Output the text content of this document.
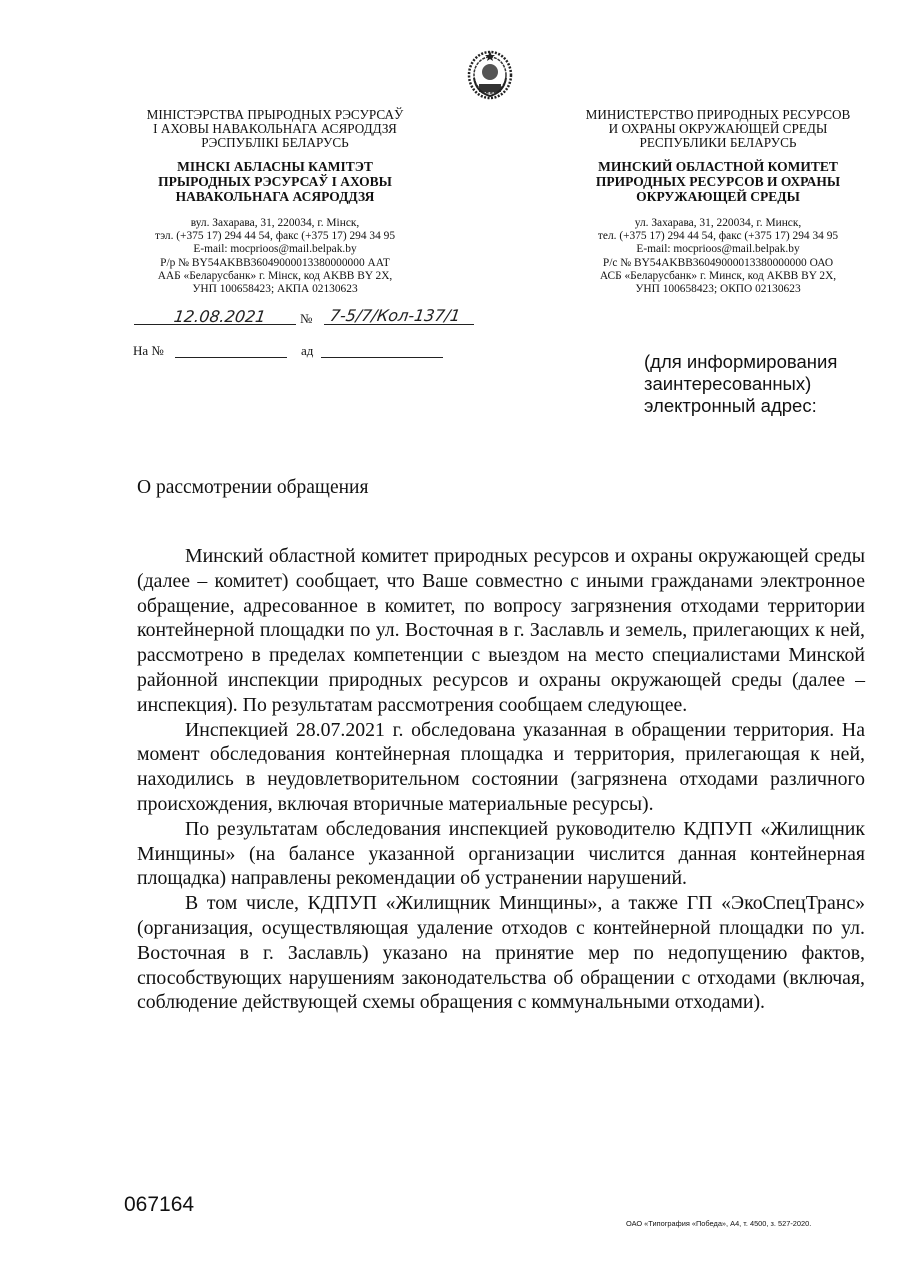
МІНІСТЭРСТВА ПРЫРОДНЫХ РЭСУРСАЎ
І АХОВЫ НАВАКОЛЬНАГА АСЯРОДДЗЯ
РЭСПУБЛІКІ БЕЛАРУСЬ
МІНСКІ АБЛАСНЫ КАМІТЭТ
ПРЫРОДНЫХ РЭСУРСАЎ І АХОВЫ
НАВАКОЛЬНАГА АСЯРОДДЗЯ
вул. Захарава, 31, 220034, г. Мінск,
тэл. (+375 17) 294 44 54, факс (+375 17) 294 34 95
E-mail: mocprioos@mail.belpak.by
Р/р № BY54AKBB36049000013380000000 ААТ
ААБ «Беларусбанк» г. Мінск, код AKBB BY 2X,
УНП 100658423; АКПА 02130623
МИНИСТЕРСТВО ПРИРОДНЫХ РЕСУРСОВ
И ОХРАНЫ ОКРУЖАЮЩЕЙ СРЕДЫ
РЕСПУБЛИКИ БЕЛАРУСЬ
МИНСКИЙ ОБЛАСТНОЙ КОМИТЕТ
ПРИРОДНЫХ РЕСУРСОВ И ОХРАНЫ
ОКРУЖАЮЩЕЙ СРЕДЫ
ул. Захарава, 31, 220034, г. Минск,
тел. (+375 17) 294 44 54, факс (+375 17) 294 34 95
E-mail: mocprioos@mail.belpak.by
Р/с № BY54AKBB36049000013380000000 ОАО
АСБ «Беларусбанк» г. Минск, код AKBB BY 2X,
УНП 100658423; ОКПО 02130623
12.08.2021	№ 7-5/7/Кол-137/1
На №	ад
(для информирования
заинтересованных)
электронный адрес:
О рассмотрении обращения

Минский областной комитет природных ресурсов и охраны окружающей среды (далее – комитет) сообщает, что Ваше совместно с иными гражданами электронное обращение, адресованное в комитет, по вопросу загрязнения отходами территории контейнерной площадки по ул. Восточная в г. Заславль и земель, прилегающих к ней, рассмотрено в пределах компетенции с выездом на место специалистами Минской районной инспекции природных ресурсов и охраны окружающей среды (далее – инспекция). По результатам рассмотрения сообщаем следующее.

Инспекцией 28.07.2021 г. обследована указанная в обращении территория. На момент обследования контейнерная площадка и территория, прилегающая к ней, находились в неудовлетворительном состоянии (загрязнена отходами различного происхождения, включая вторичные материальные ресурсы).

По результатам обследования инспекцией руководителю КДПУП «Жилищник Минщины» (на балансе указанной организации числится данная контейнерная площадка) направлены рекомендации об устранении нарушений.

В том числе, КДПУП «Жилищник Минщины», а также ГП «ЭкоСпецТранс» (организация, осуществляющая удаление отходов с контейнерной площадки по ул. Восточная в г. Заславль) указано на принятие мер по недопущению фактов, способствующих нарушениям законодательства об обращении с отходами (включая, соблюдение действующей схемы обращения с коммунальными отходами).

067164
ОАО «Типография «Победа», А4, т. 4500, з. 527-2020.
